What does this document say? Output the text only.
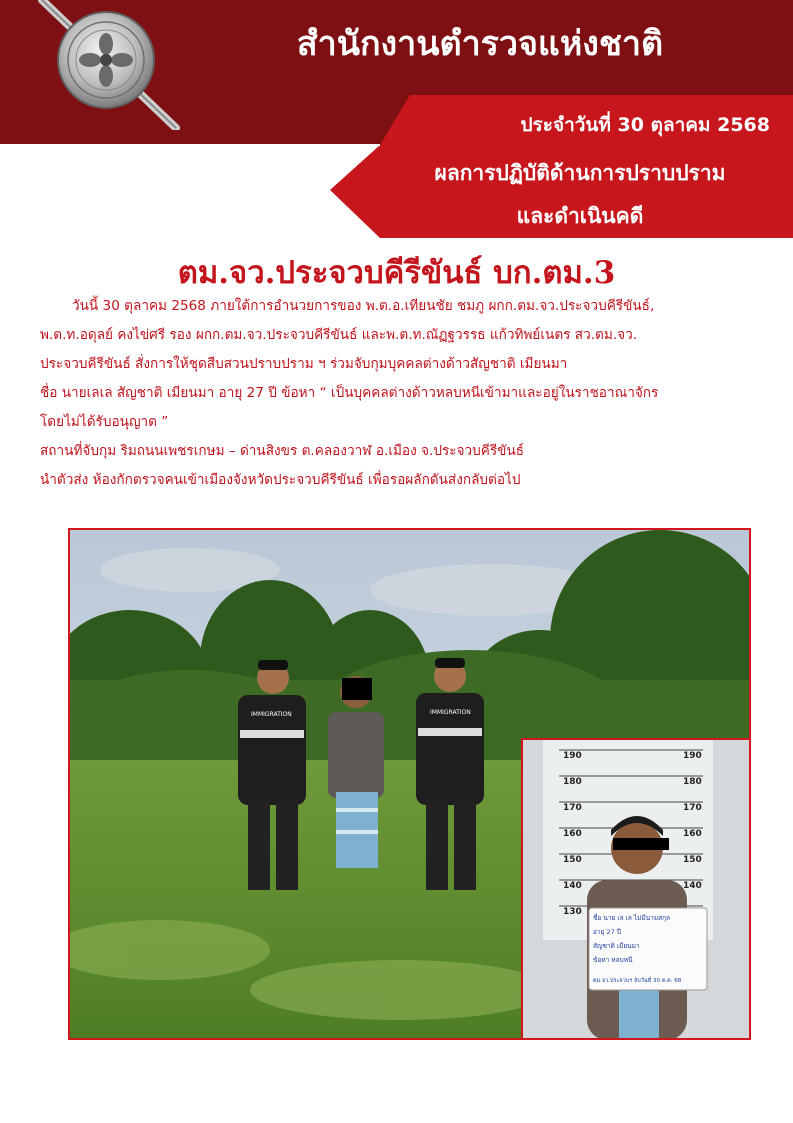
สำนักงานตำรวจแห่งชาติ
ประจำวันที่ 30 ตุลาคม 2568
ผลการปฏิบัติด้านการปราบปราม
และดำเนินคดี
ตม.จว.ประจวบคีรีขันธ์ บก.ตม.3

วันนี้ 30 ตุลาคม 2568 ภายใต้การอำนวยการของ พ.ต.อ.เทียนชัย ชมภู ผกก.ตม.จว.ประจวบคีรีขันธ์,

พ.ต.ท.อดุลย์ คงไข่ศรี รอง ผกก.ตม.จว.ประจวบคีรีขันธ์ และพ.ต.ท.ณัฏฐวรรธ แก้วทิพย์เนตร สว.ตม.จว.

ประจวบคีรีขันธ์ สั่งการให้ชุดสืบสวนปราบปราม ฯ ร่วมจับกุมบุคคลต่างด้าวสัญชาติ เมียนมา

ชื่อ นายเลเล สัญชาติ เมียนมา อายุ 27 ปี ข้อหา “ เป็นบุคคลต่างด้าวหลบหนีเข้ามาและอยู่ในราชอาณาจักร

โดยไม่ได้รับอนุญาต ”

สถานที่จับกุม ริมถนนเพชรเกษม – ด่านสิงขร ต.คลองวาฬ อ.เมือง จ.ประจวบคีรีขันธ์

นำตัวส่ง ห้องกักตรวจคนเข้าเมืองจังหวัดประจวบคีรีขันธ์ เพื่อรอผลักดันส่งกลับต่อไป

IMMIGRATION	IMMIGRATION
190
180
170
160
150
140
130
190
180
170
160
150
140
ชื่อ นาย เล เล ไม่มีนามสกุล
อายุ 27 ปี
สัญชาติ เมียนมา
ข้อหา หลบหนี
ตม.จว.ประจวบฯ จับวันที่ 30 ต.ค. 68
